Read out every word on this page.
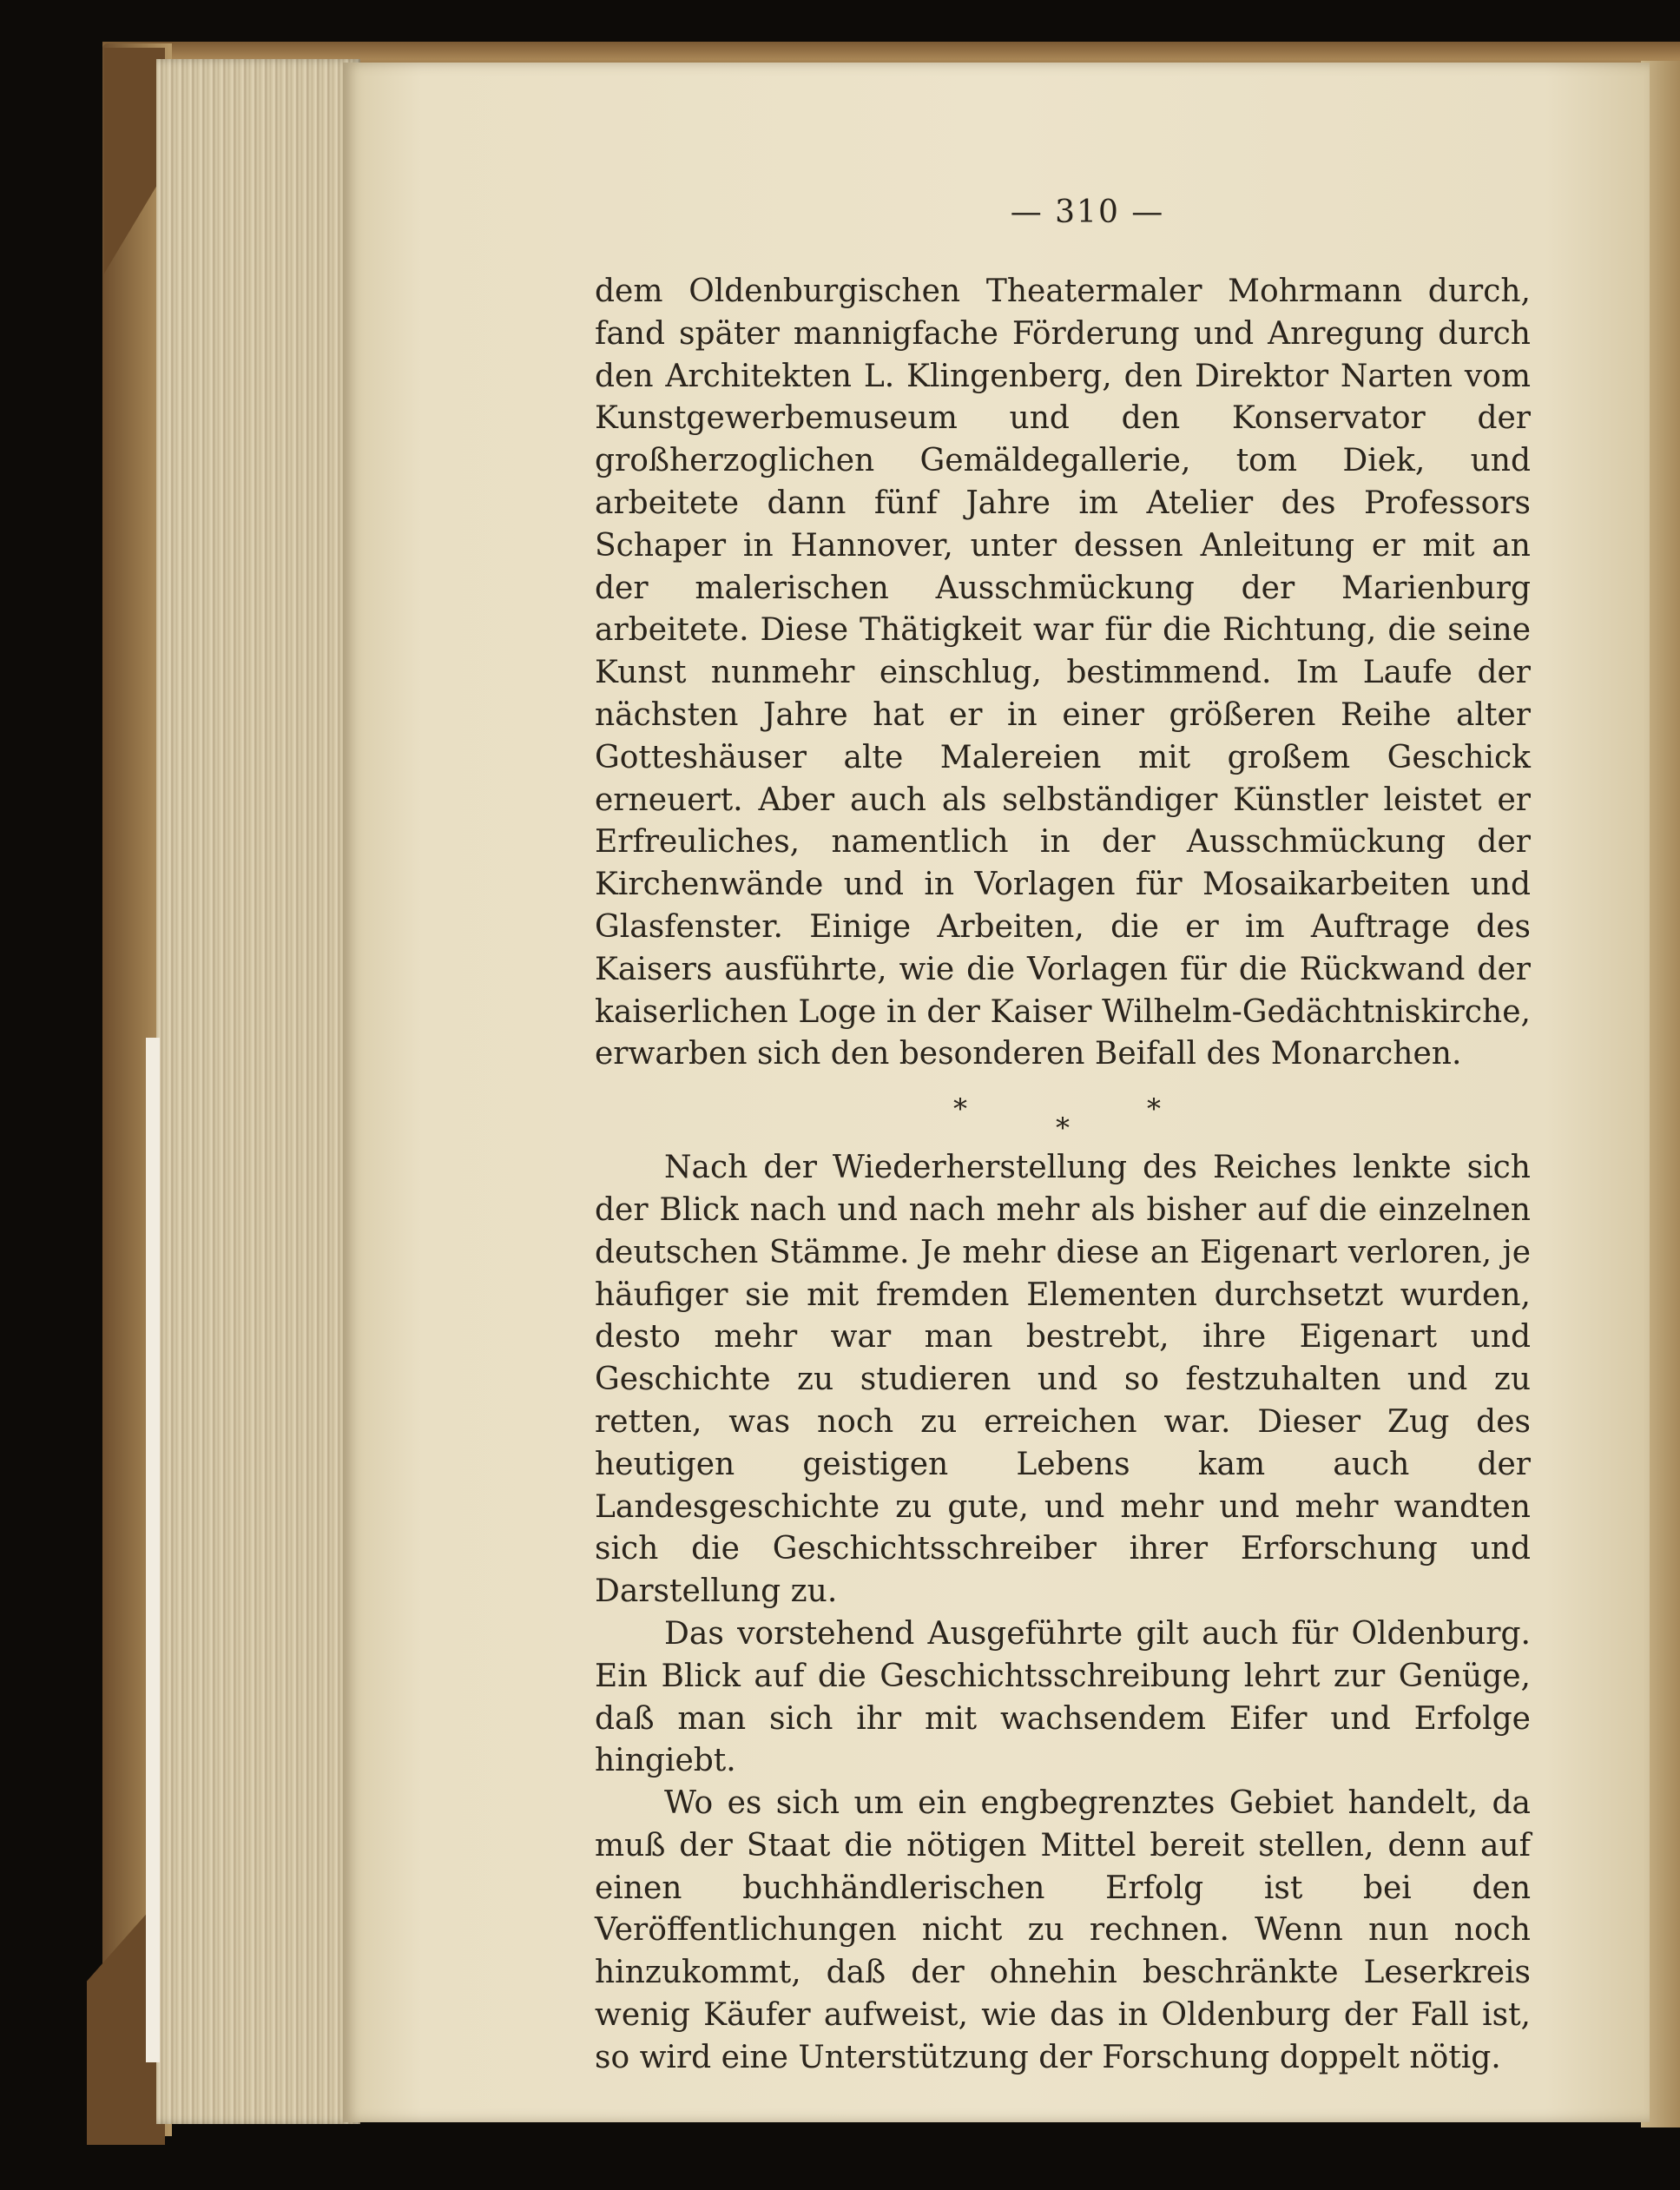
— 310 —

dem Oldenburgischen Theatermaler Mohrmann durch, fand später mannigfache Förderung und Anregung durch den Architekten L. Klingenberg, den Direktor Narten vom Kunstgewerbemuseum und den Konservator der großherzoglichen Gemäldegallerie, tom Diek, und arbeitete dann fünf Jahre im Atelier des Professors Schaper in Hannover, unter dessen Anleitung er mit an der malerischen Ausschmückung der Marienburg arbeitete. Diese Thätigkeit war für die Richtung, die seine Kunst nunmehr einschlug, bestimmend. Im Laufe der nächsten Jahre hat er in einer größeren Reihe alter Gotteshäuser alte Malereien mit großem Geschick erneuert. Aber auch als selbständiger Künstler leistet er Erfreuliches, namentlich in der Ausschmückung der Kirchenwände und in Vorlagen für Mosaikarbeiten und Glasfenster. Einige Arbeiten, die er im Auftrage des Kaisers ausführte, wie die Vorlagen für die Rückwand der kaiserlichen Loge in der Kaiser Wilhelm-Gedächtniskirche, erwarben sich den besonderen Beifall des Monarchen.

*
*
*

Nach der Wiederherstellung des Reiches lenkte sich der Blick nach und nach mehr als bisher auf die einzelnen deutschen Stämme. Je mehr diese an Eigenart verloren, je häufiger sie mit fremden Elementen durchsetzt wurden, desto mehr war man bestrebt, ihre Eigenart und Geschichte zu studieren und so festzuhalten und zu retten, was noch zu erreichen war. Dieser Zug des heutigen geistigen Lebens kam auch der Landesgeschichte zu gute, und mehr und mehr wandten sich die Geschichtsschreiber ihrer Erforschung und Darstellung zu.

Das vorstehend Ausgeführte gilt auch für Oldenburg. Ein Blick auf die Geschichtsschreibung lehrt zur Genüge, daß man sich ihr mit wachsendem Eifer und Erfolge hingiebt.

Wo es sich um ein engbegrenztes Gebiet handelt, da muß der Staat die nötigen Mittel bereit stellen, denn auf einen buchhändlerischen Erfolg ist bei den Veröffentlichungen nicht zu rechnen. Wenn nun noch hinzukommt, daß der ohnehin beschränkte Leserkreis wenig Käufer aufweist, wie das in Oldenburg der Fall ist, so wird eine Unterstützung der Forschung doppelt nötig.
